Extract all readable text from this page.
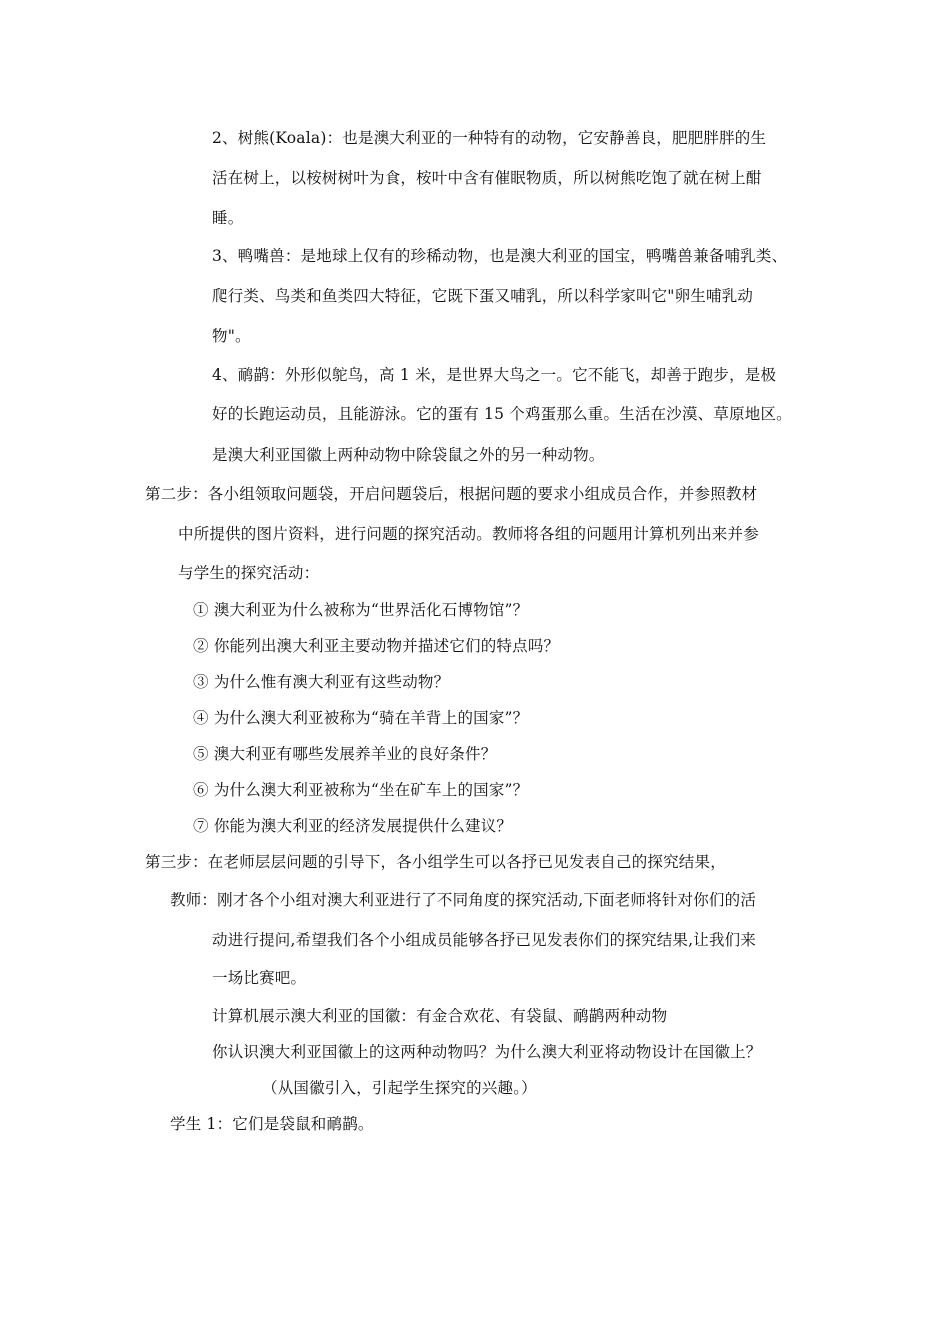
2、树熊(Koala)：也是澳大利亚的一种特有的动物，它安静善良，肥肥胖胖的生
活在树上，以桉树树叶为食，桉叶中含有催眠物质，所以树熊吃饱了就在树上酣
睡。
3、鸭嘴兽：是地球上仅有的珍稀动物，也是澳大利亚的国宝，鸭嘴兽兼备哺乳类、
爬行类、鸟类和鱼类四大特征，它既下蛋又哺乳，所以科学家叫它"卵生哺乳动
物"。
4、鸸鹋：外形似鸵鸟，高 1 米，是世界大鸟之一。它不能飞，却善于跑步，是极
好的长跑运动员，且能游泳。它的蛋有 15 个鸡蛋那么重。生活在沙漠、草原地区。
是澳大利亚国徽上两种动物中除袋鼠之外的另一种动物。
第二步：各小组领取问题袋，开启问题袋后，根据问题的要求小组成员合作，并参照教材
中所提供的图片资料，进行问题的探究活动。教师将各组的问题用计算机列出来并参
与学生的探究活动：
① 澳大利亚为什么被称为“世界活化石博物馆”？
② 你能列出澳大利亚主要动物并描述它们的特点吗？
③ 为什么惟有澳大利亚有这些动物？
④ 为什么澳大利亚被称为“骑在羊背上的国家”？
⑤ 澳大利亚有哪些发展养羊业的良好条件？
⑥ 为什么澳大利亚被称为“坐在矿车上的国家”？
⑦ 你能为澳大利亚的经济发展提供什么建议？
第三步：在老师层层问题的引导下，各小组学生可以各抒已见发表自己的探究结果，
教师：刚才各个小组对澳大利亚进行了不同角度的探究活动,下面老师将针对你们的活
动进行提问,希望我们各个小组成员能够各抒已见发表你们的探究结果,让我们来
一场比赛吧。
计算机展示澳大利亚的国徽：有金合欢花、有袋鼠、鸸鹋两种动物
你认识澳大利亚国徽上的这两种动物吗？为什么澳大利亚将动物设计在国徽上？
（从国徽引入，引起学生探究的兴趣。）
学生 1：它们是袋鼠和鸸鹋。
